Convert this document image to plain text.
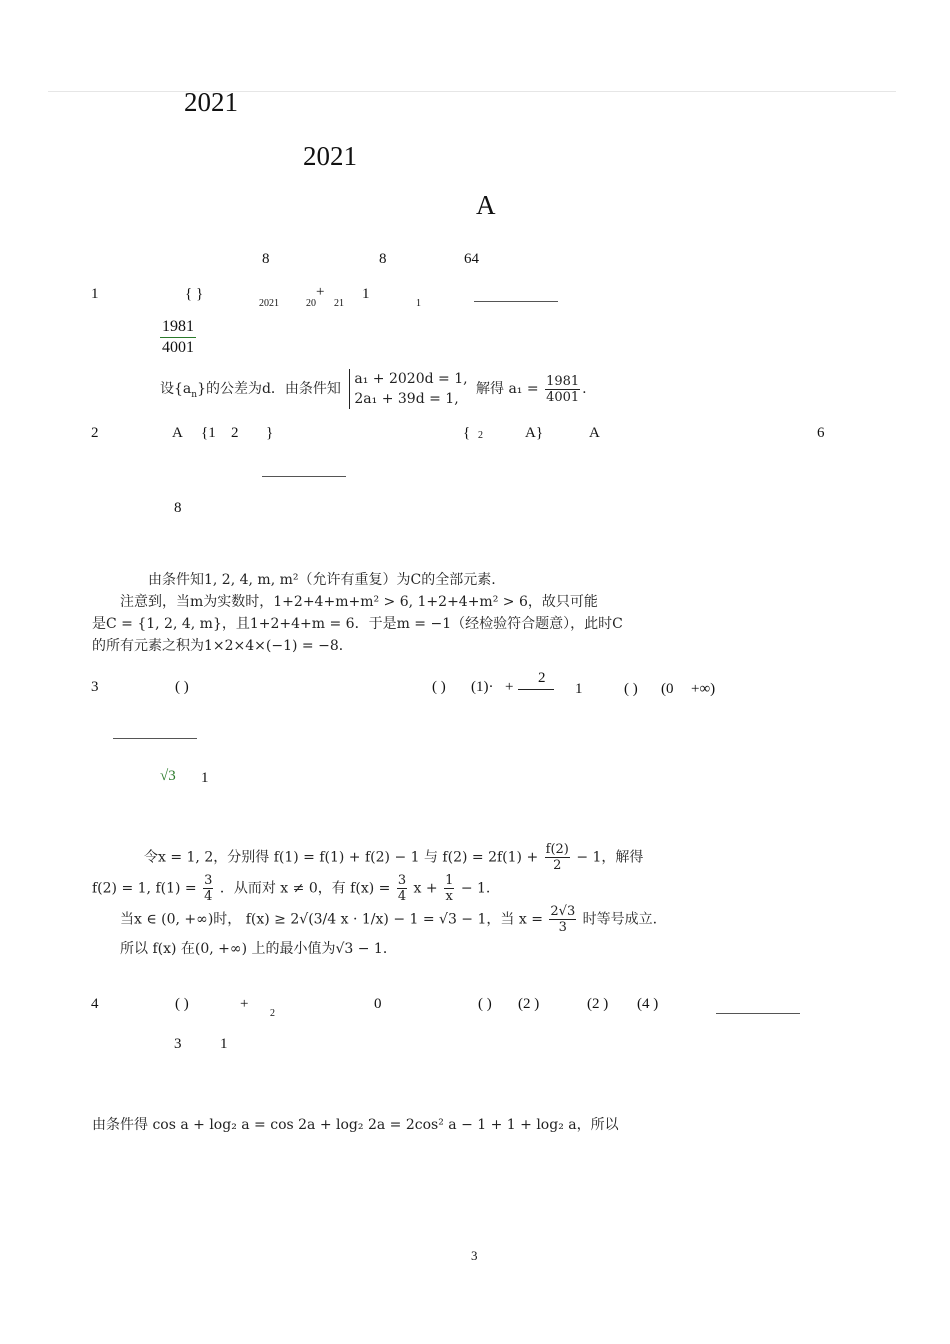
2021
2021
A
8	8	64
1	{ }
2021	20
+
21
1
1
1981
4001
设$\{a_n\}$的公差为d．由条件知
a₁ + 2020d = 1,
2a₁ + 39d = 1,
解得 $a_1 = \frac{1981}{4001}$ .
2	A {1 2 }	{ 2	A}	A	6
8
由条件知1, 2, 4, m, m²（允许有重复）为C的全部元素.
注意到，当m为实数时，1+2+4+m+m² > 6, 1+2+4+m² > 6，故只可能
是C = {1, 2, 4, m}，且1+2+4+m = 6．于是m = −1（经检验符合题意），此时C
的所有元素之积为1×2×4×(−1) = −8．
3	( )	( ) (1)· +
2
1	( ) (0 +∞)
√3 1
令x = 1, 2，分别得 f(1) = f(1) + f(2) − 1 与 $f(2) = 2f(1) + \frac{f(2)}{2} - 1$，解得
f(2) = 1, $f(1) = \frac{3}{4}$ ．从而对 x ≠ 0，有 $f(x) = \frac{3}{4}$ $x + \frac{1}{x} - 1$.
当x ∈ (0, +∞)时， f(x) ≥ 2√(3/4 x · 1/x) − 1 = √3 − 1，当 $x = \frac{2√3}{3}$ 时等号成立.
所以 f(x) 在(0, +∞) 上的最小值为√3 − 1．
4	( )	+
2
0	( ) (2 )	(2 ) (4 )
3	1
由条件得 cos a + log₂ a = cos 2a + log₂ 2a = 2cos² a − 1 + 1 + log₂ a，所以
3
